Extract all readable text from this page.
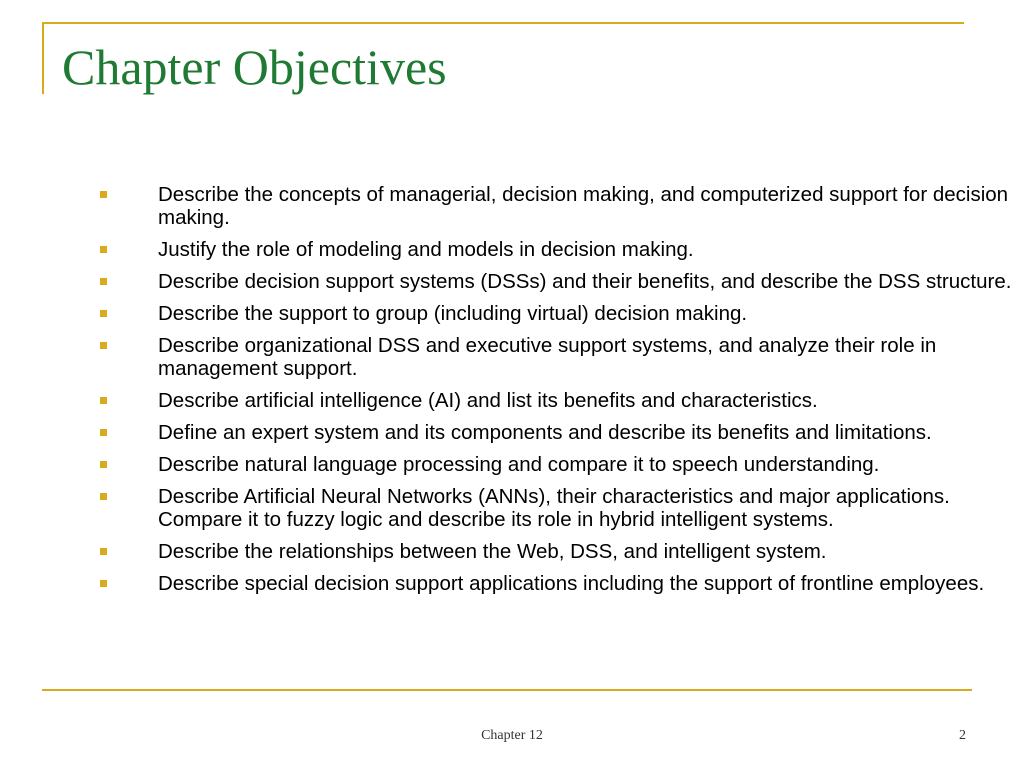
Chapter Objectives
Describe the concepts of managerial, decision making, and computerized support for decision making.
Justify the role of modeling and models in decision making.
Describe decision support systems (DSSs) and their benefits, and describe the DSS structure.
Describe the support to group (including virtual) decision making.
Describe organizational DSS and executive support systems, and analyze their role in management support.
Describe artificial intelligence (AI) and list its benefits and characteristics.
Define an expert system and its components and describe its benefits and limitations.
Describe natural language processing and compare it to speech understanding.
Describe Artificial Neural Networks (ANNs), their characteristics and major applications. Compare it to fuzzy logic and describe its role in hybrid intelligent systems.
Describe the relationships between the Web, DSS, and intelligent system.
Describe special decision support applications including the support of frontline employees.
Chapter 12	2
